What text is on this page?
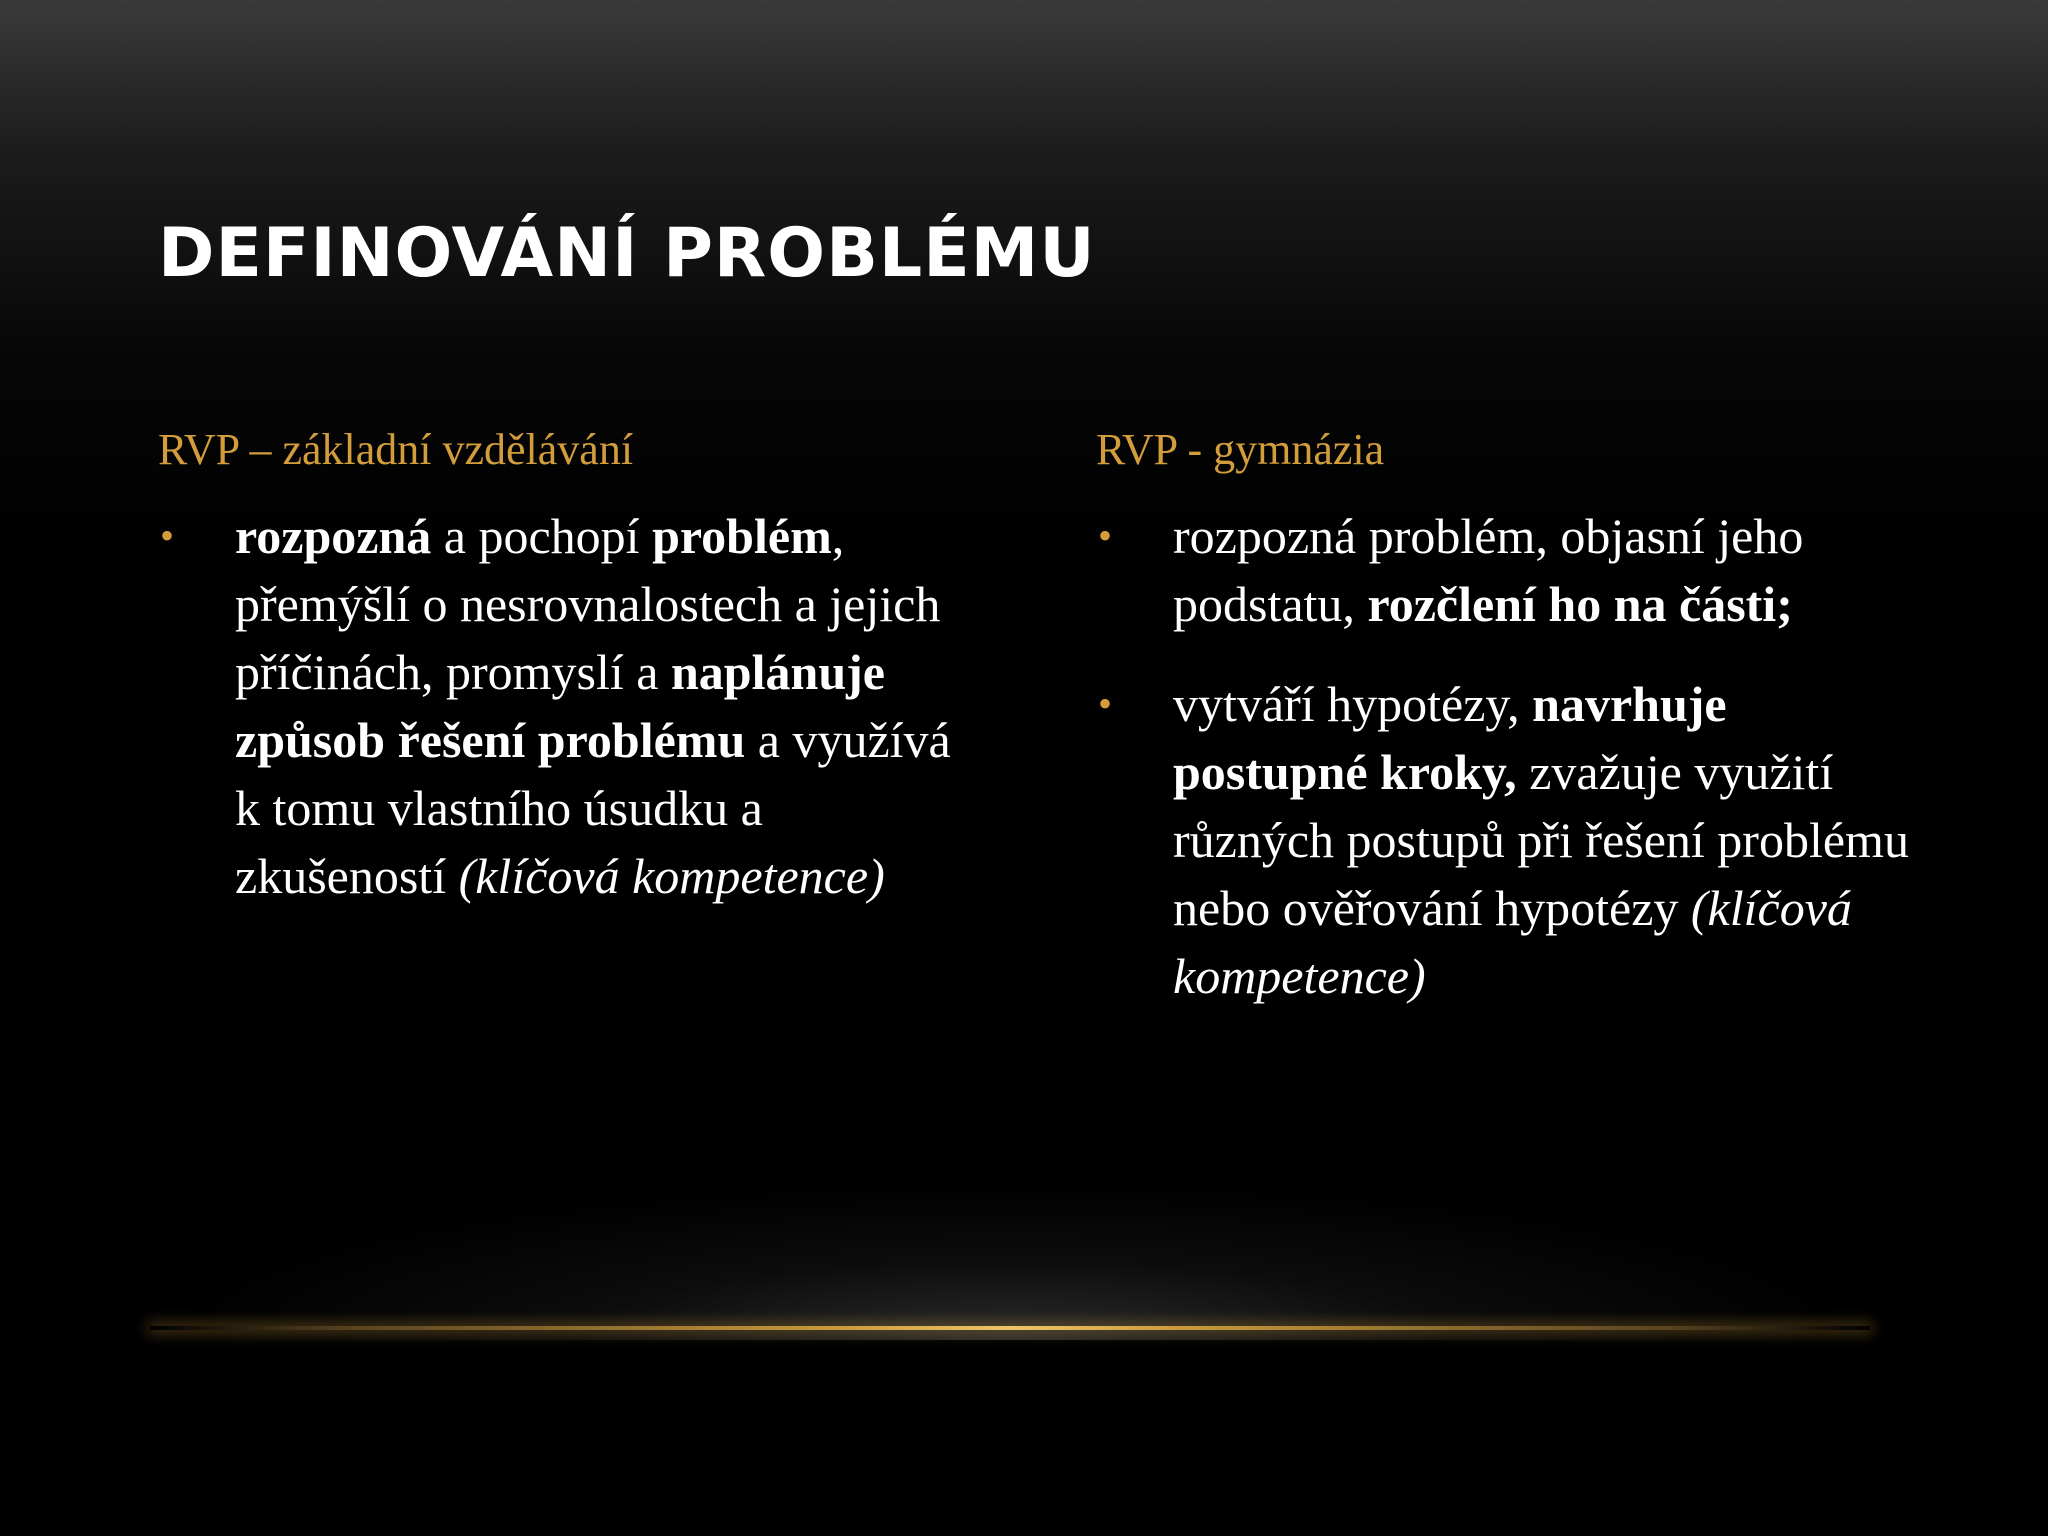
DEFINOVÁNÍ PROBLÉMU
RVP – základní vzdělávání
• rozpozná a pochopí problém, přemýšlí o nesrovnalostech a jejich příčinách, promyslí a naplánuje způsob řešení problému a využívá k tomu vlastního úsudku a zkušeností (klíčová kompetence)
RVP - gymnázia
• rozpozná problém, objasní jeho podstatu, rozčlení ho na části;
• vytváří hypotézy, navrhuje postupné kroky, zvažuje využití různých postupů při řešení problému nebo ověřování hypotézy (klíčová kompetence)
